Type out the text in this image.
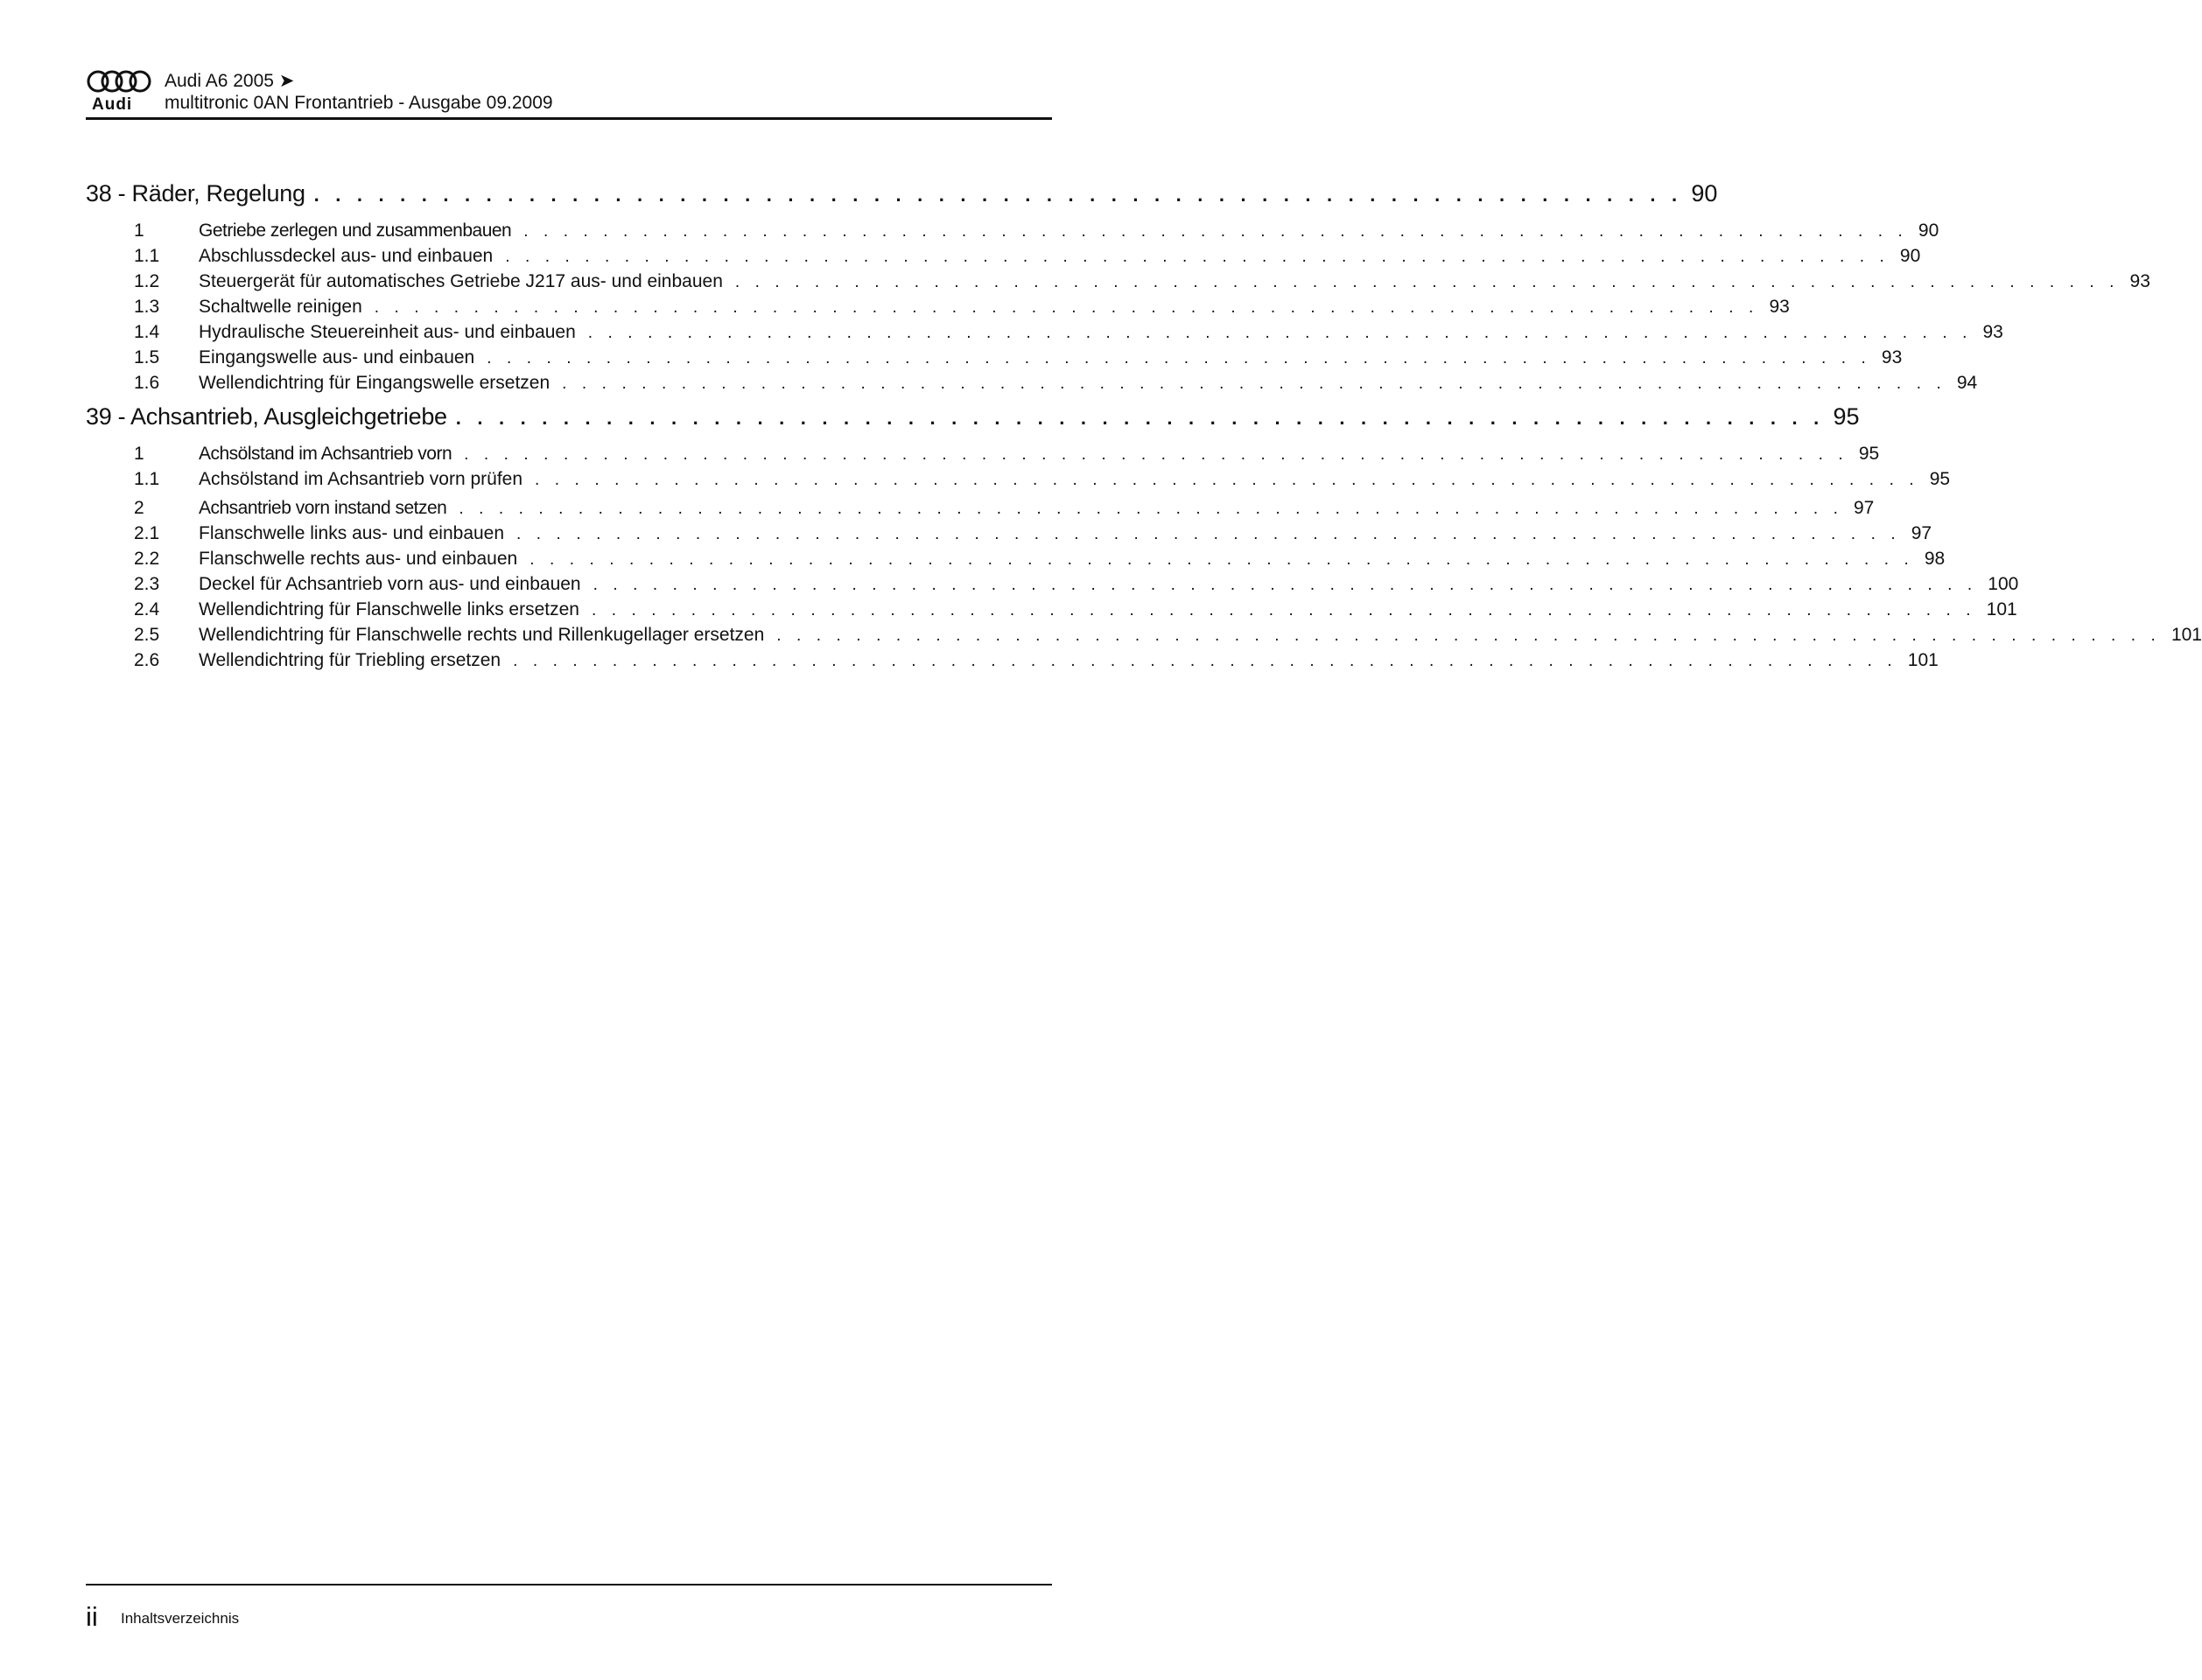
Audi
Audi A6 2005 ➤
multitronic 0AN Frontantrieb - Ausgabe 09.2009
38 - Räder, Regelung . . . . . . . . . . . . . . . . . . . . . . . . . . . . . . . . . . . . . . . . . . . . . . . . . . . . . . . . . . . . . . . . 90
1	Getriebe zerlegen und zusammenbauen . . . . . . . . . . . . . . . . . . . . . . . . . . . . . . . . . . . . . . . . . . . . . . . . . . . . . . . . . . . . . . . . . . . . . . 90
1.1	Abschlussdeckel aus- und einbauen . . . . . . . . . . . . . . . . . . . . . . . . . . . . . . . . . . . . . . . . . . . . . . . . . . . . . . . . . . . . . . . . . . . . . . 90
1.2	Steuergerät für automatisches Getriebe J217 aus- und einbauen . . . . . . . . . . . . . . . . . . . . . . . . . . . . . . . . . . . . . . . . . . . . . . . . . . . . . . . . . . . . . . . . . . . . . . 93
1.3	Schaltwelle reinigen . . . . . . . . . . . . . . . . . . . . . . . . . . . . . . . . . . . . . . . . . . . . . . . . . . . . . . . . . . . . . . . . . . . . . . 93
1.4	Hydraulische Steuereinheit aus- und einbauen . . . . . . . . . . . . . . . . . . . . . . . . . . . . . . . . . . . . . . . . . . . . . . . . . . . . . . . . . . . . . . . . . . . . . . 93
1.5	Eingangswelle aus- und einbauen . . . . . . . . . . . . . . . . . . . . . . . . . . . . . . . . . . . . . . . . . . . . . . . . . . . . . . . . . . . . . . . . . . . . . . 93
1.6	Wellendichtring für Eingangswelle ersetzen . . . . . . . . . . . . . . . . . . . . . . . . . . . . . . . . . . . . . . . . . . . . . . . . . . . . . . . . . . . . . . . . . . . . . . 94
39 - Achsantrieb, Ausgleichgetriebe . . . . . . . . . . . . . . . . . . . . . . . . . . . . . . . . . . . . . . . . . . . . . . . . . . . . . . . . . . . . . . . . 95
1	Achsölstand im Achsantrieb vorn . . . . . . . . . . . . . . . . . . . . . . . . . . . . . . . . . . . . . . . . . . . . . . . . . . . . . . . . . . . . . . . . . . . . . . 95
1.1	Achsölstand im Achsantrieb vorn prüfen . . . . . . . . . . . . . . . . . . . . . . . . . . . . . . . . . . . . . . . . . . . . . . . . . . . . . . . . . . . . . . . . . . . . . . 95
2	Achsantrieb vorn instand setzen . . . . . . . . . . . . . . . . . . . . . . . . . . . . . . . . . . . . . . . . . . . . . . . . . . . . . . . . . . . . . . . . . . . . . . 97
2.1	Flanschwelle links aus- und einbauen . . . . . . . . . . . . . . . . . . . . . . . . . . . . . . . . . . . . . . . . . . . . . . . . . . . . . . . . . . . . . . . . . . . . . . 97
2.2	Flanschwelle rechts aus- und einbauen . . . . . . . . . . . . . . . . . . . . . . . . . . . . . . . . . . . . . . . . . . . . . . . . . . . . . . . . . . . . . . . . . . . . . . 98
2.3	Deckel für Achsantrieb vorn aus- und einbauen . . . . . . . . . . . . . . . . . . . . . . . . . . . . . . . . . . . . . . . . . . . . . . . . . . . . . . . . . . . . . . . . . . . . . . 100
2.4	Wellendichtring für Flanschwelle links ersetzen . . . . . . . . . . . . . . . . . . . . . . . . . . . . . . . . . . . . . . . . . . . . . . . . . . . . . . . . . . . . . . . . . . . . . . 101
2.5	Wellendichtring für Flanschwelle rechts und Rillenkugellager ersetzen . . . . . . . . . . . . . . . . . . . . . . . . . . . . . . . . . . . . . . . . . . . . . . . . . . . . . . . . . . . . . . . . . . . . . . 101
2.6	Wellendichtring für Triebling ersetzen . . . . . . . . . . . . . . . . . . . . . . . . . . . . . . . . . . . . . . . . . . . . . . . . . . . . . . . . . . . . . . . . . . . . . . 101
ii Inhaltsverzeichnis
